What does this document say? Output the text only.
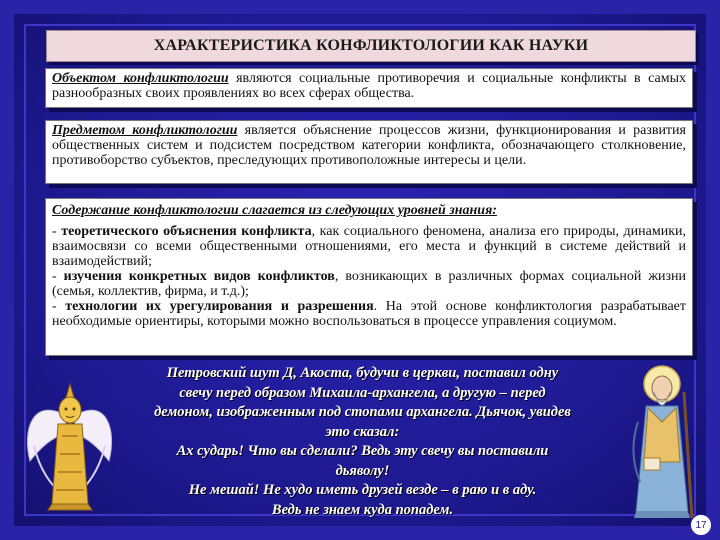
ХАРАКТЕРИСТИКА КОНФЛИКТОЛОГИИ КАК НАУКИ
Объектом конфликтологии являются социальные противоречия и социальные конфликты в самых разнообразных своих проявлениях во всех сферах общества.
Предметом конфликтологии является объяснение процессов жизни, функционирования и развития общественных систем и подсистем посредством категории конфликта, обозначающего столкновение, противоборство субъектов, преследующих противоположные интересы и цели.
Содержание конфликтологии слагается из следующих уровней знания:
- теоретического объяснения конфликта, как социального феномена, анализа его природы, динамики, взаимосвязи со всеми общественными отношениями, его места и функций в системе действий и взаимодействий;
- изучения конкретных видов конфликтов, возникающих в различных формах социальной жизни (семья, коллектив, фирма, и т.д.);
- технологии их урегулирования и разрешения. На этой основе конфликтология разрабатывает необходимые ориентиры, которыми можно воспользоваться в процессе управления социумом.
Петровский шут Д, Акоста, будучи в церкви, поставил одну
свечу перед образом Михаила-архангела, а другую – перед
демоном, изображенным под стопами архангела. Дьячок, увидев
это сказал:
Ах сударь! Что вы сделали? Ведь эту свечу вы поставили
дьяволу!
Не мешай! Не худо иметь друзей везде – в раю и в аду.
Ведь не знаем куда попадем.
17
